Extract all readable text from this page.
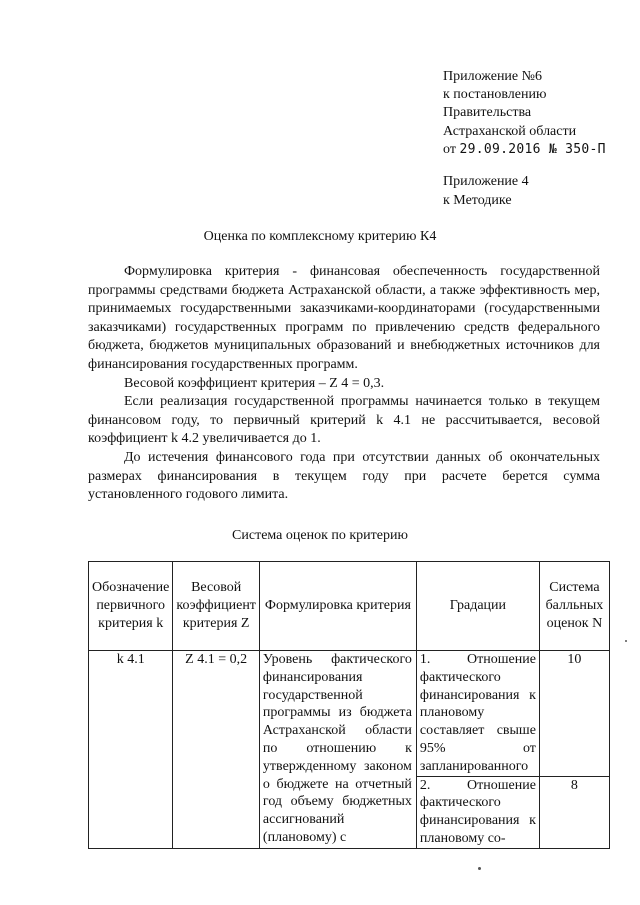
Приложение №6
к постановлению
Правительства
Астраханской области
от 29.09.2016 № 350-П
Приложение 4
к Методике
Оценка по комплексному критерию К4

Формулировка критерия - финансовая обеспеченность государственной программы средствами бюджета Астраханской области, а также эффективность мер, принимаемых государственными заказчиками-координаторами (государственными заказчиками) государственных программ по привлечению средств федерального бюджета, бюджетов муниципальных образований и внебюджетных источников для финансирования государственных программ.

Весовой коэффициент критерия – Z 4 = 0,3.

Если реализация государственной программы начинается только в текущем финансовом году, то первичный критерий k 4.1 не рассчитывается, весовой коэффициент k 4.2 увеличивается до 1.

До истечения финансового года при отсутствии данных об окончательных размерах финансирования в текущем году при расчете берется сумма установленного годового лимита.

Система оценок по критерию
Обозначение первичного критерия k	Весовой коэффициент критерия Z	Формулировка критерия	Градации	Система балльных оценок N
k 4.1	Z 4.1 = 0,2	Уровень фактического финансирования государственной программы из бюджета Астраханской области по отношению к утвержденному законом о бюджете на отчетный год объему бюджетных ассигнований (плановому) с	1. Отношение фактического финансирования к плановому составляет свыше 95% от запланированного	10
			2. Отношение фактического финансирования к плановому со-	8
